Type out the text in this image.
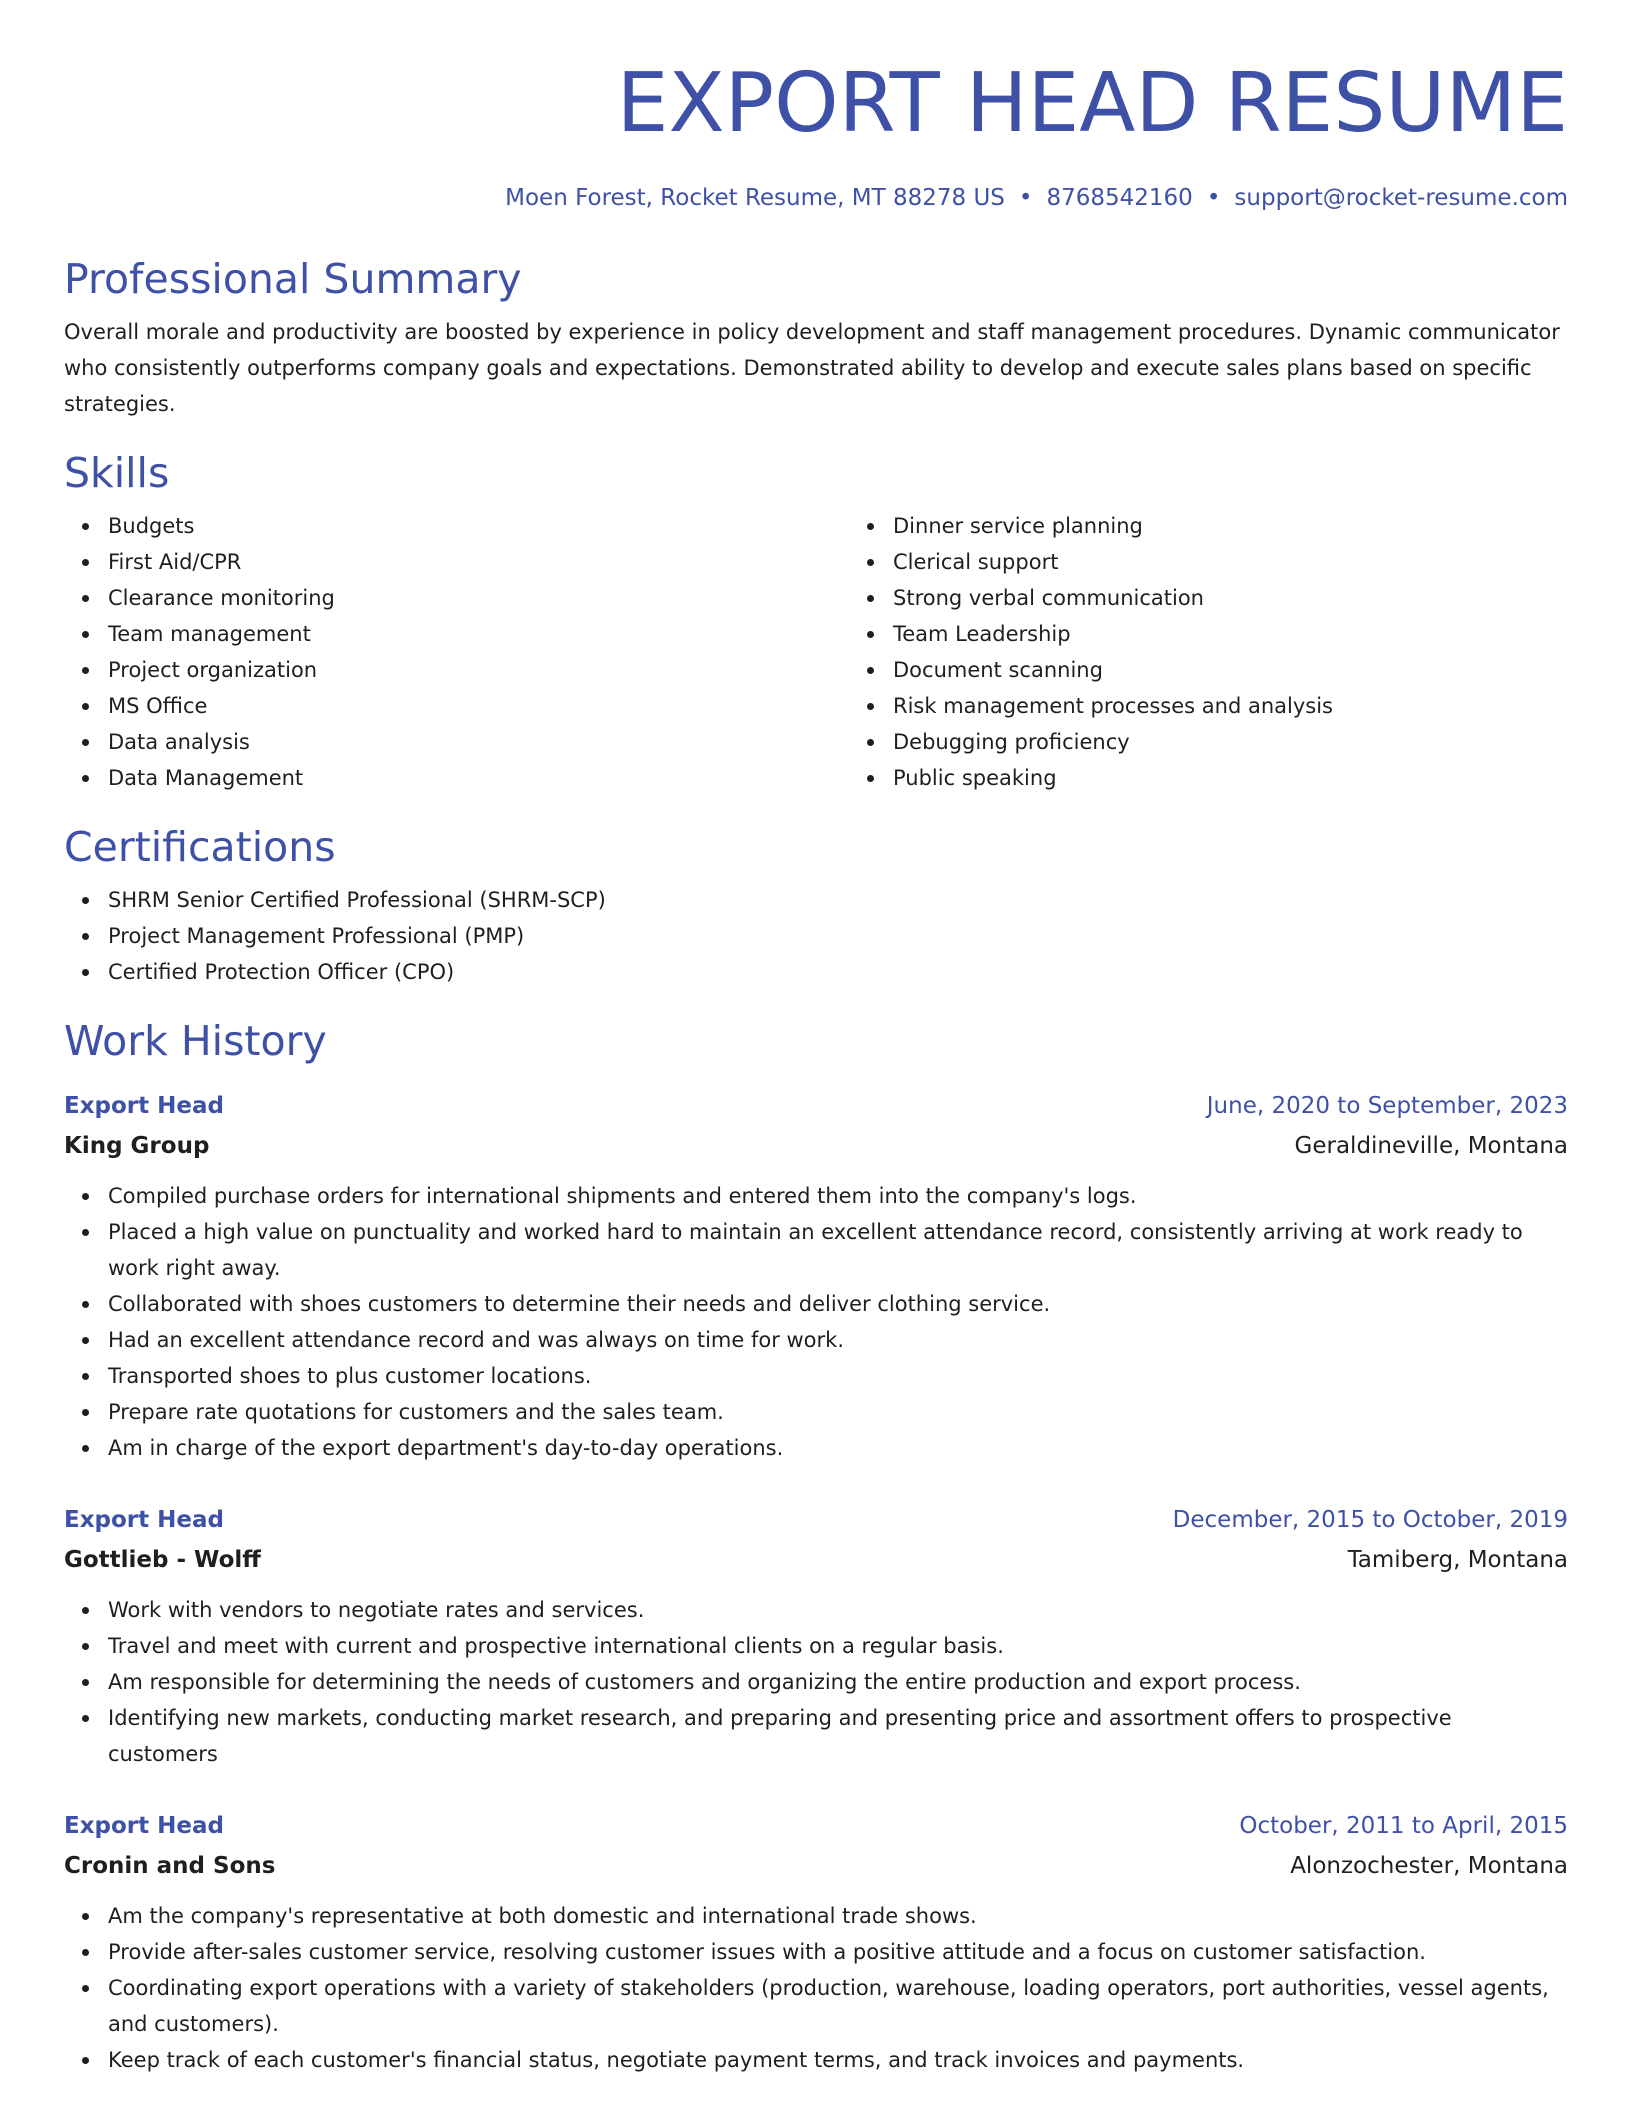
EXPORT HEAD RESUME
Moen Forest, Rocket Resume, MT 88278 US • 8768542160 • support@rocket-resume.com
Professional Summary

Overall morale and productivity are boosted by experience in policy development and staff management procedures. Dynamic communicator who consistently outperforms company goals and expectations. Demonstrated ability to develop and execute sales plans based on specific strategies.

Skills
Budgets
First Aid/CPR
Clearance monitoring
Team management
Project organization
MS Office
Data analysis
Data Management
Dinner service planning
Clerical support
Strong verbal communication
Team Leadership
Document scanning
Risk management processes and analysis
Debugging proficiency
Public speaking
Certifications
SHRM Senior Certified Professional (SHRM-SCP)
Project Management Professional (PMP)
Certified Protection Officer (CPO)
Work History
Export Head	June, 2020 to September, 2023
King Group	Geraldineville, Montana
Compiled purchase orders for international shipments and entered them into the company's logs.
Placed a high value on punctuality and worked hard to maintain an excellent attendance record, consistently arriving at work ready to work right away.
Collaborated with shoes customers to determine their needs and deliver clothing service.
Had an excellent attendance record and was always on time for work.
Transported shoes to plus customer locations.
Prepare rate quotations for customers and the sales team.
Am in charge of the export department's day-to-day operations.
Export Head	December, 2015 to October, 2019
Gottlieb - Wolff	Tamiberg, Montana
Work with vendors to negotiate rates and services.
Travel and meet with current and prospective international clients on a regular basis.
Am responsible for determining the needs of customers and organizing the entire production and export process.
Identifying new markets, conducting market research, and preparing and presenting price and assortment offers to prospective customers
Export Head	October, 2011 to April, 2015
Cronin and Sons	Alonzochester, Montana
Am the company's representative at both domestic and international trade shows.
Provide after-sales customer service, resolving customer issues with a positive attitude and a focus on customer satisfaction.
Coordinating export operations with a variety of stakeholders (production, warehouse, loading operators, port authorities, vessel agents, and customers).
Keep track of each customer's financial status, negotiate payment terms, and track invoices and payments.
